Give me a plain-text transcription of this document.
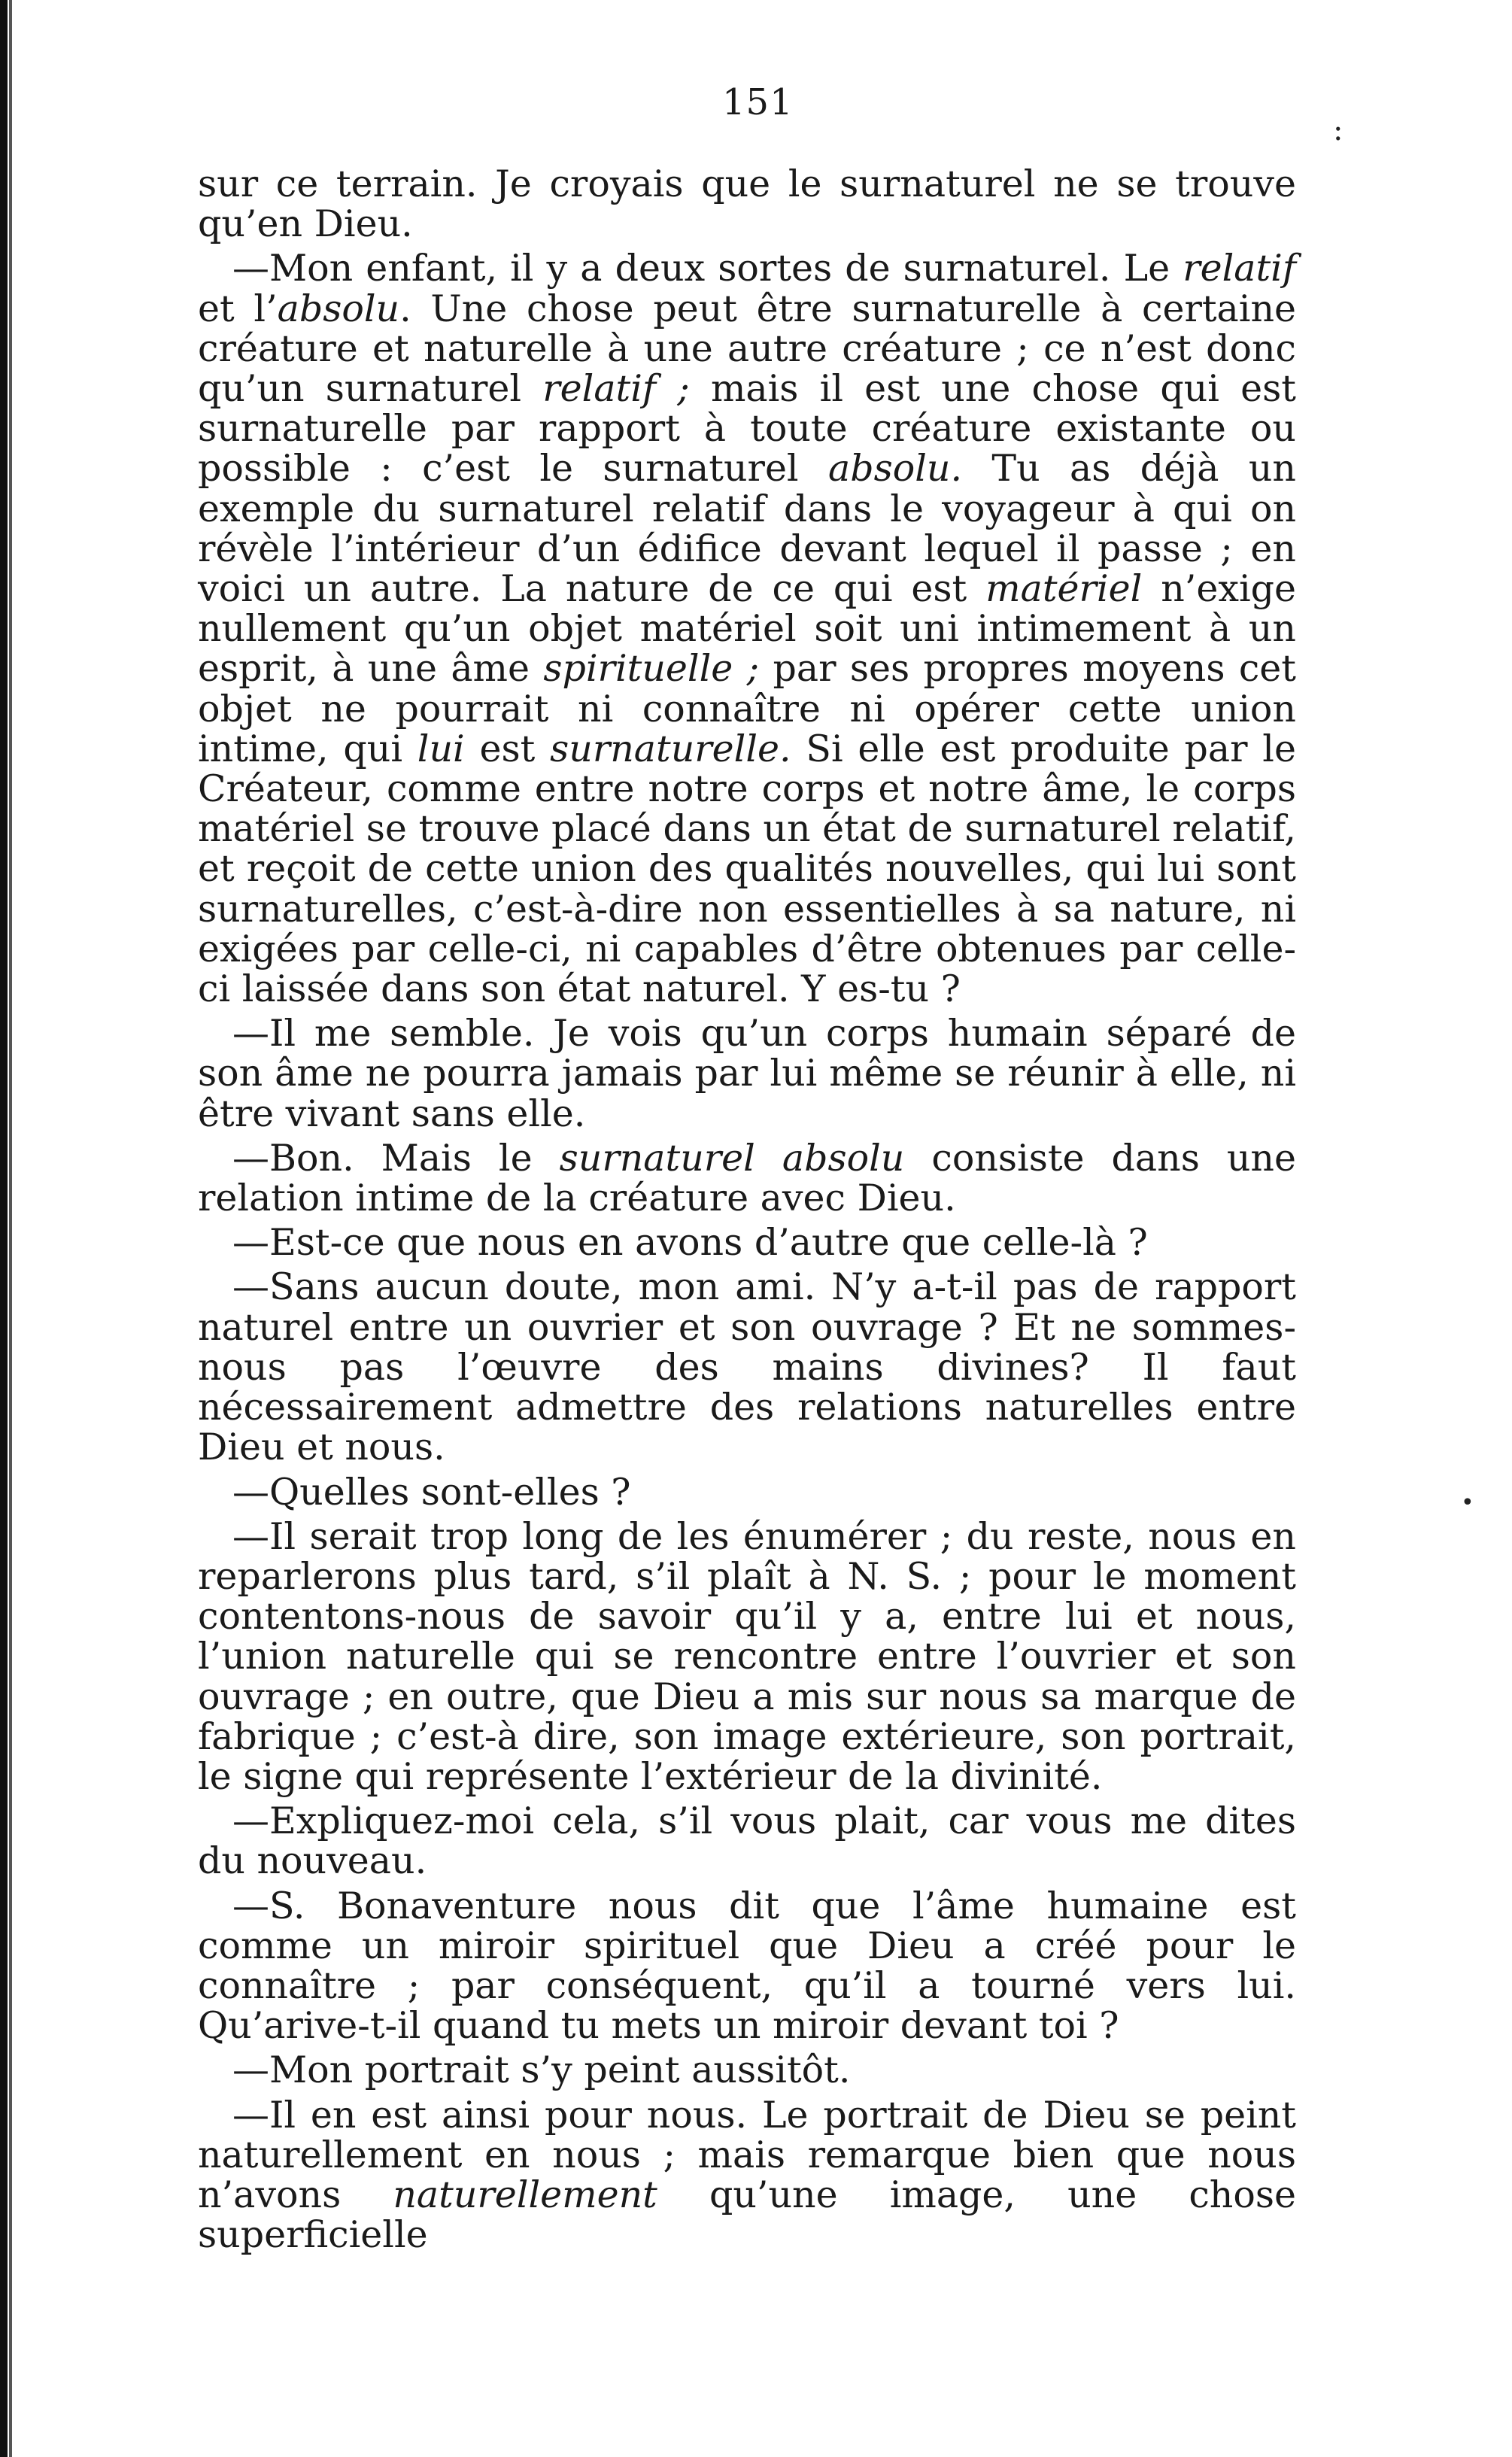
151
:
•

sur ce terrain. Je croyais que le surnaturel ne se trouve qu’en Dieu.

—Mon enfant, il y a deux sortes de surnaturel. Le relatif et l’absolu. Une chose peut être surnaturelle à certaine créature et naturelle à une autre créature ; ce n’est donc qu’un surnaturel relatif ; mais il est une chose qui est surnaturelle par rapport à toute créature existante ou possible : c’est le surnaturel absolu. Tu as déjà un exemple du surnaturel relatif dans le voyageur à qui on révèle l’intérieur d’un édifice devant lequel il passe ; en voici un autre. La nature de ce qui est matériel n’exige nullement qu’un objet matériel soit uni intimement à un esprit, à une âme spirituelle ; par ses propres moyens cet objet ne pourrait ni connaître ni opérer cette union intime, qui lui est surnaturelle. Si elle est produite par le Créateur, comme entre notre corps et notre âme, le corps matériel se trouve placé dans un état de surnaturel relatif, et reçoit de cette union des qualités nouvelles, qui lui sont surnaturelles, c’est-à-dire non essentielles à sa nature, ni exigées par celle-ci, ni capables d’être obtenues par celle-ci laissée dans son état naturel. Y es-tu ?

—Il me semble. Je vois qu’un corps humain séparé de son âme ne pourra jamais par lui même se réunir à elle, ni être vivant sans elle.

—Bon. Mais le surnaturel absolu consiste dans une relation intime de la créature avec Dieu.

—Est-ce que nous en avons d’autre que celle-là ?

—Sans aucun doute, mon ami. N’y a-t-il pas de rapport naturel entre un ouvrier et son ouvrage ? Et ne sommes-nous pas l’œuvre des mains divines? Il faut nécessairement admettre des relations naturelles entre Dieu et nous.

—Quelles sont-elles ?

—Il serait trop long de les énumérer ; du reste, nous en reparlerons plus tard, s’il plaît à N. S. ; pour le moment contentons-nous de savoir qu’il y a, entre lui et nous, l’union naturelle qui se rencontre entre l’ouvrier et son ouvrage ; en outre, que Dieu a mis sur nous sa marque de fabrique ; c’est-à dire, son image extérieure, son portrait, le signe qui représente l’extérieur de la divinité.

—Expliquez-moi cela, s’il vous plait, car vous me dites du nouveau.

—S. Bonaventure nous dit que l’âme humaine est comme un miroir spirituel que Dieu a créé pour le connaître ; par conséquent, qu’il a tourné vers lui. Qu’arive-t-il quand tu mets un miroir devant toi ?

—Mon portrait s’y peint aussitôt.

—Il en est ainsi pour nous. Le portrait de Dieu se peint naturellement en nous ; mais remarque bien que nous n’avons naturellement qu’une image, une chose superficielle
